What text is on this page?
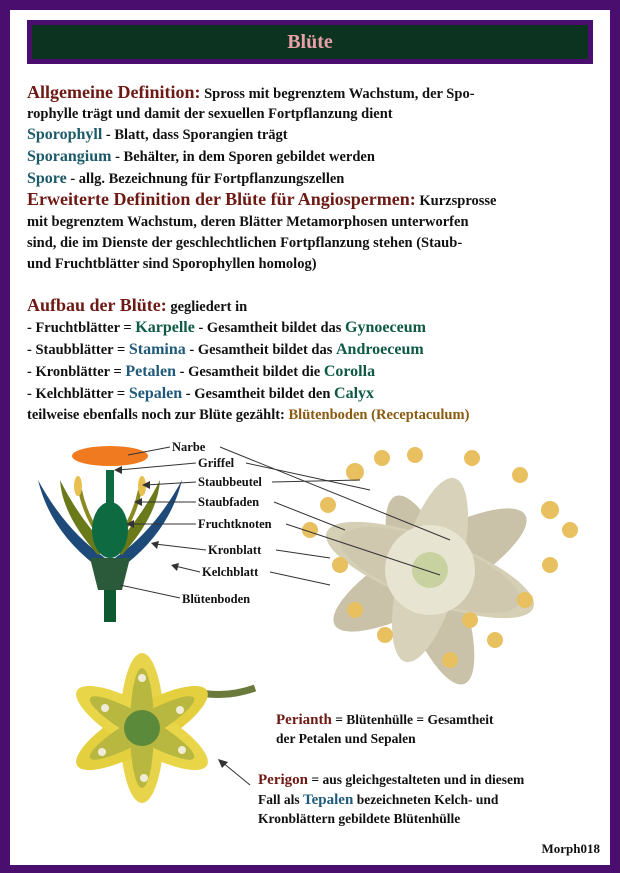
Blüte
Allgemeine Definition: Spross mit begrenztem Wachstum, der Spo-
rophylle trägt und damit der sexuellen Fortpflanzung dient
Sporophyll - Blatt, dass Sporangien trägt
Sporangium - Behälter, in dem Sporen gebildet werden
Spore - allg. Bezeichnung für Fortpflanzungszellen
Erweiterte Definition der Blüte für Angiospermen: Kurzsprosse
mit begrenztem Wachstum, deren Blätter Metamorphosen unterworfen
sind, die im Dienste der geschlechtlichen Fortpflanzung stehen (Staub-
und Fruchtblätter sind Sporophyllen homolog)
Aufbau der Blüte: gegliedert in
- Fruchtblätter = Karpelle - Gesamtheit bildet das Gynoeceum
- Staubblätter = Stamina - Gesamtheit bildet das Androeceum
- Kronblätter = Petalen - Gesamtheit bildet die Corolla
- Kelchblätter = Sepalen - Gesamtheit bildet den Calyx
teilweise ebenfalls noch zur Blüte gezählt: Blütenboden (Receptaculum)
Narbe
Griffel
Staubbeutel
Staubfaden
Fruchtknoten
Kronblatt
Kelchblatt
Blütenboden
Perianth = Blütenhülle = Gesamtheit
der Petalen und Sepalen
Perigon = aus gleichgestalteten und in diesem
Fall als Tepalen bezeichneten Kelch- und
Kronblättern gebildete Blütenhülle
Morph018
